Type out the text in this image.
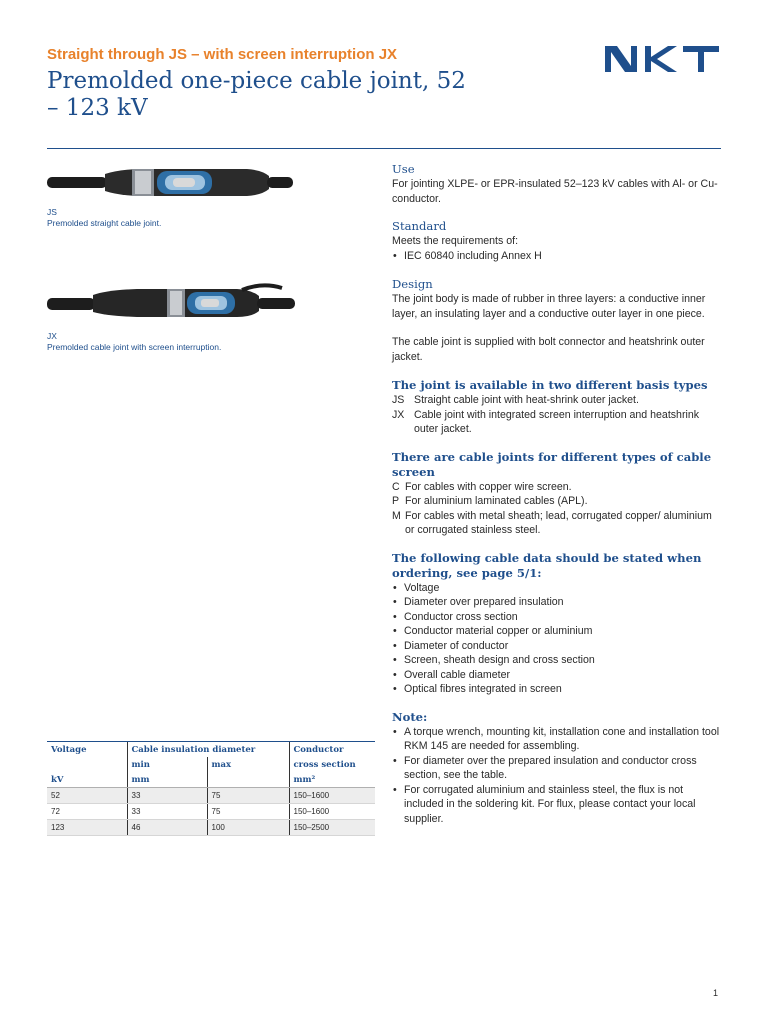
Straight through JS – with screen interruption JX
Premolded one-piece cable joint, 52 – 123 kV
JS
Premolded straight cable joint.
JX
Premolded cable joint with screen interruption.
Use
For jointing XLPE- or EPR-insulated 52–123 kV cables with Al- or Cu-conductor.
Standard
Meets the requirements of:
• IEC 60840 including Annex H
Design
The joint body is made of rubber in three layers: a conductive inner layer, an insulating layer and a conductive outer layer in one piece.
The cable joint is supplied with bolt connector and heatshrink outer jacket.
The joint is available in two different basis types
JS Straight cable joint with heat-shrink outer jacket.
JX Cable joint with integrated screen interruption and heatshrink outer jacket.
There are cable joints for different types of cable screen
C For cables with copper wire screen.
P For aluminium laminated cables (APL).
M For cables with metal sheath; lead, corrugated copper/ aluminium or corrugated stainless steel.
The following cable data should be stated when ordering, see page 5/1:
• Voltage
• Diameter over prepared insulation
• Conductor cross section
• Conductor material copper or aluminium
• Diameter of conductor
• Screen, sheath design and cross section
• Overall cable diameter
• Optical fibres integrated in screen
Note:
• A torque wrench, mounting kit, installation cone and installation tool RKM 145 are needed for assembling.
• For diameter over the prepared insulation and conductor cross section, see the table.
• For corrugated aluminium and stainless steel, the flux is not included in the soldering kit. For flux, please contact your local supplier.
Voltage	Cable insulation diameter		Conductor
	min	max	cross section
kV	mm		mm²
52	33	75	150–1600
72	33	75	150–1600
123	46	100	150–2500
1
